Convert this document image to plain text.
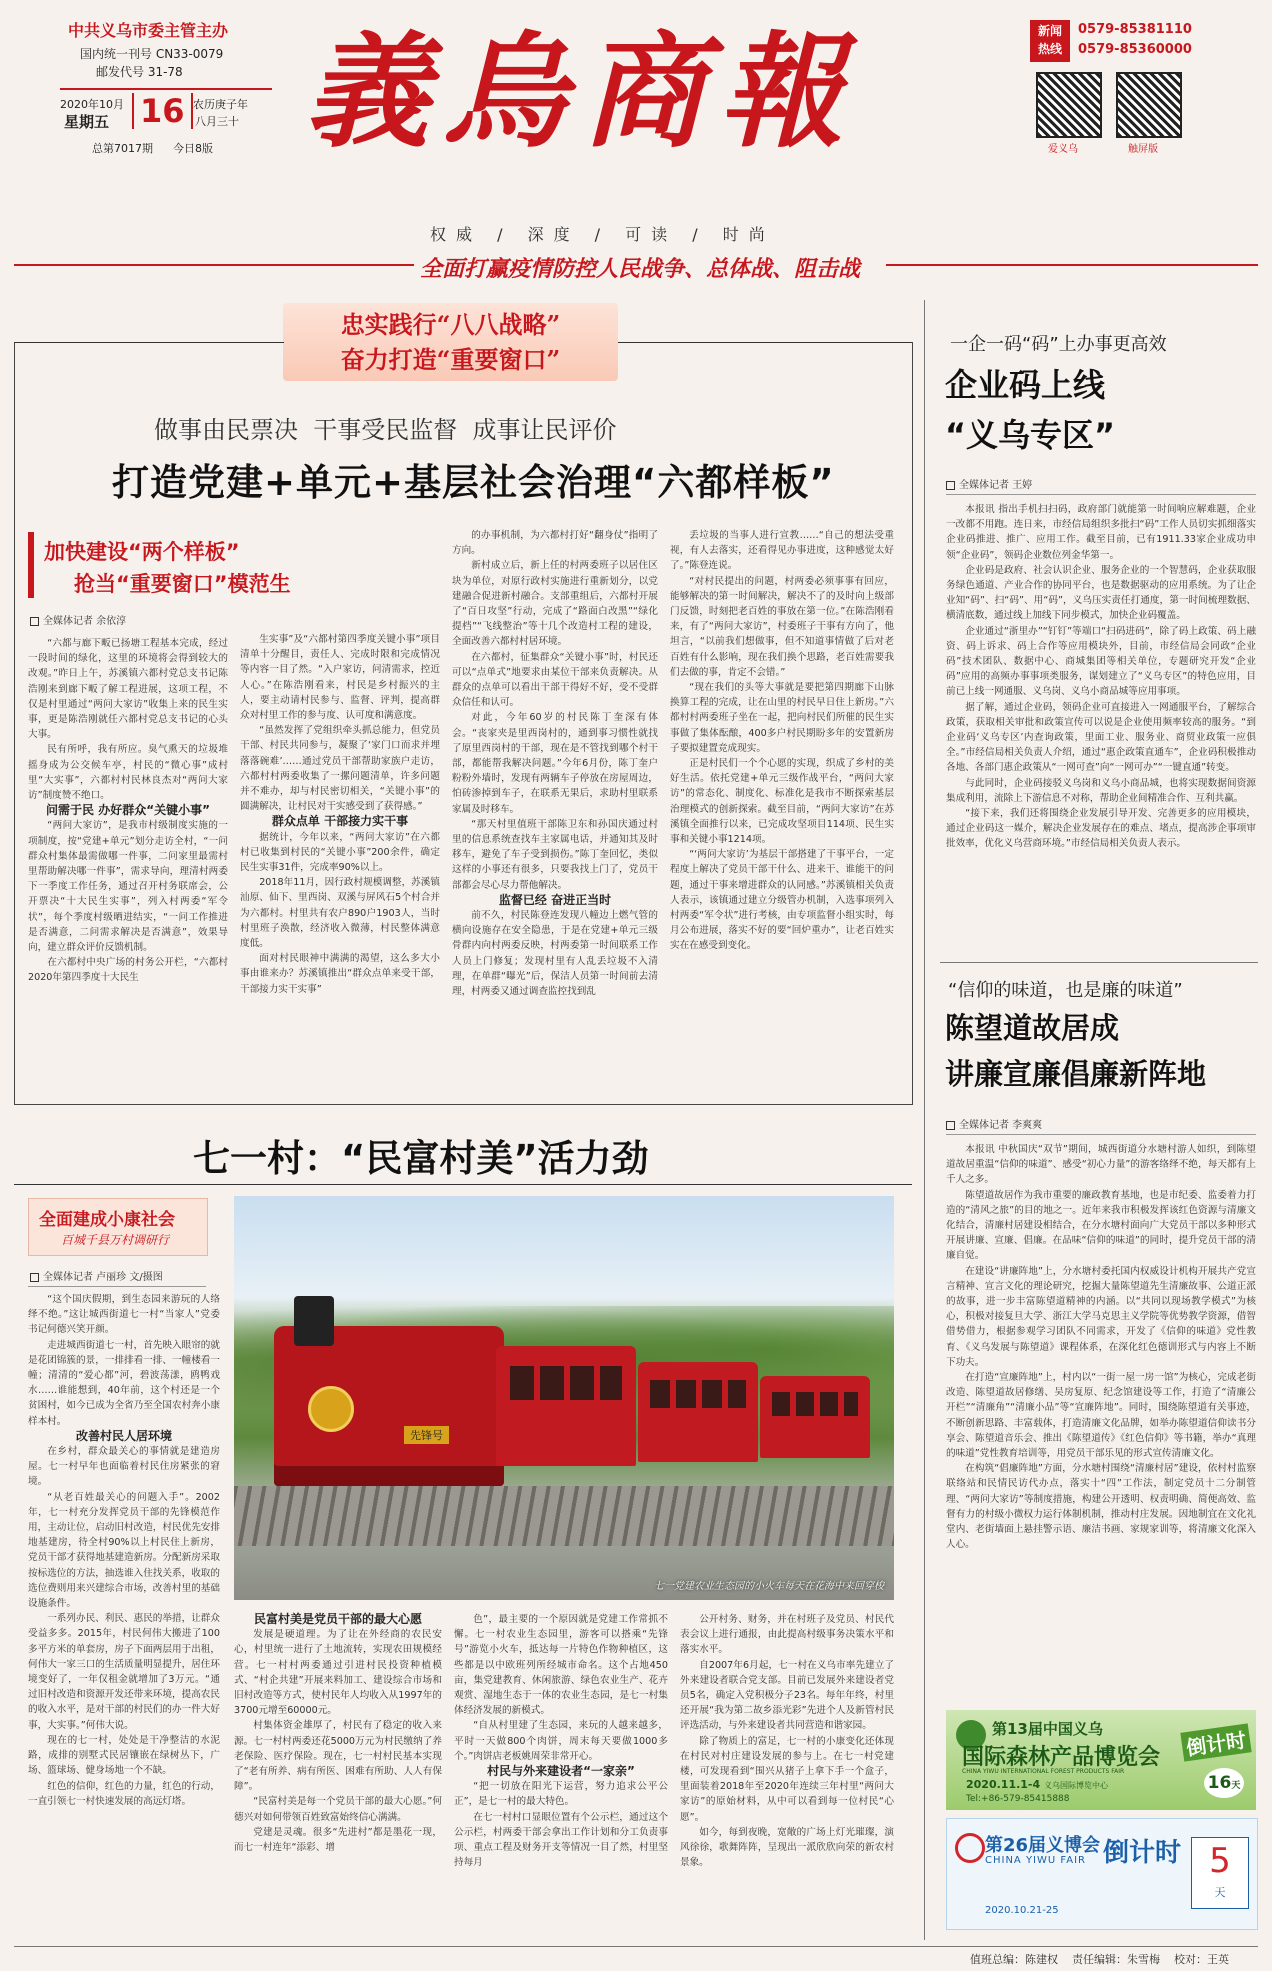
中共义乌市委主管主办
国内统一刊号 CN33-0079
邮发代号 31-78
2020年10月
星期五 16 农历庚子年
八月三十
总第7017期 今日8版 義烏商報	新闻
热线
0579-85381110
0579-85360000
爱义乌	触屏版
权威 / 深度 / 可读 / 时尚
全面打赢疫情防控人民战争、总体战、阻击战
忠实践行“八八战略”
奋力打造“重要窗口”
做事由民票决  干事受民监督  成事让民评价
打造党建+单元+基层社会治理“六都样板”
加快建设“两个样板”
抢当“重要窗口”模范生
全媒体记者 余依淳

“六都与廊下畈已扬塘工程基本完成，经过一段时间的绿化，这里的环境将会得到较大的改观。”昨日上午，苏溪镇六都村党总支书记陈浩刚来到廊下畈了解工程进展，这项工程，不仅是村里通过“两问大家访”收集上来的民生实事，更是陈浩刚就任六都村党总支书记的心头大事。

民有所呼，我有所应。臭气熏天的垃圾堆摇身成为公交候车亭，村民的“微心事”成村里“大实事”，六都村村民林良杰对“两问大家访”制度赞不绝口。

问需于民 办好群众“关键小事”

“两问大家访”，是我市村级制度实施的一项制度，按“党建+单元”划分走访全村，“一问群众村集体最需做哪一件事，二问家里最需村里帮助解决哪一件事”，需求导向，理清村两委下一季度工作任务，通过召开村务联席会，公开票决“十大民生实事”，列入村两委“军令状”，每个季度村级晒进结实，“一问工作推进是否满意，二问需求解决是否满意”，效果导向，建立群众评价反馈机制。

在六都村中央广场的村务公开栏，“六都村2020年第四季度十大民生

生实事”及“六都村第四季度关键小事”项目清单十分醒目，责任人、完成时限和完成情况等内容一目了然。“入户家访，问清需求，控近人心。”在陈浩刚看来，村民是乡村振兴的主人，要主动请村民参与、监督、评判，提高群众对村里工作的参与度、认可度和满意度。

“虽然发挥了党组织牵头抓总能力，但党员干部、村民共同参与，凝聚了‘家门口而求并埋落落碗难’……通过党员干部帮助家族户走访，六都村村两委收集了一摞问题清单，许多问题并不难办，却与村民密切相关，“关键小事”的圆满解决，让村民对干实感受到了获得感。”

群众点单 干部接力实干事

据统计，今年以来，“两问大家访”在六都村已收集到村民的“关键小事”200余件，确定民生实事31件，完成率90%以上。

2018年11月，因行政村规模调整，苏溪镇汕原、仙下、里西岗、双溪与屏风石5个村合并为六都村。村里共有农户890户1903人，当时村里班子涣散，经济收入微薄，村民整体满意度低。

面对村民眼神中满满的渴望，这么多大小事由谁来办？苏溪镇推出“群众点单来受干部，干部接力实干实事”

的办事机制，为六都村打好“翻身仗”指明了方向。

新村成立后，新上任的村两委班子以居住区块为单位，对原行政村实施进行重新划分，以党建融合促进新村融合。支部重组后，六都村开展了“百日攻坚”行动，完成了“路面白改黑”“绿化提档”“飞线整治”等十几个改造村工程的建设，全面改善六都村村居环境。

在六都村，征集群众“关键小事”时，村民还可以“点单式”地要求由某位干部来负责解决。从群众的点单可以看出干部干得好不好，受不受群众信任和认可。

对此，今年60岁的村民陈丁奎深有体会。“丧家夹是里西岗村的，通到事习惯性就找了原里西岗村的干部，现在是不管找到哪个村干部，都能帮我解决问题。”今年6月份，陈丁奎户粉粉外墙时，发现有两辆车子停放在房屋周边，怕砖渗掉到车子，在联系无果后，求助村里联系家属及时移车。

“那天村里值班干部陈卫东和孙国庆通过村里的信息系统查找车主家属电话，并通知其及时移车，避免了车子受到损伤。”陈丁奎回忆，类似这样的小事还有很多，只要我找上门了，党员干部都会尽心尽力帮他解决。

监督已经 奋进正当时

前不久，村民陈登连发现八幢边上燃气管的横向设施存在安全隐患，于是在党建+单元三级骨群内向村两委反映，村两委第一时间联系工作人员上门修复；发现村里有人乱丢垃圾不入清理，在单群“曝光”后，保洁人员第一时间前去清理，村两委又通过调查监控找到乱

丢垃圾的当事人进行宣教……“自己的想法受重视，有人去落实，还看得见办事进度，这种感觉太好了。”陈登连说。

“对村民提出的问题，村两委必须事事有回应，能够解决的第一时间解决，解决不了的及时向上级部门反馈，时刻把老百姓的事放在第一位。”在陈浩刚看来，有了“两问大家访”，村委班子干事有方向了，他坦言，“以前我们想做事，但不知道事情做了后对老百姓有什么影响，现在我们换个思路，老百姓需要我们去做的事，肯定不会错。”

“现在我们的头等大事就是要把第四期廊下山脉换算工程的完成，让在山里的村民早日住上新房。”六都村村两委班子坐在一起，把向村民们所催的民生实事做了集体酝酿，400多户村民期盼多年的安置新房子要拟建置竞成现实。

正是村民们一个个心愿的实现，织成了乡村的美好生活。依托党建+单元三级作战平台，“两问大家访”的常态化、制度化、标准化是我市不断探索基层治理模式的创新探索。截至目前，“两问大家访”在苏溪镇全面推行以来，已完成攻坚项目114项、民生实事和关键小事1214项。

“‘两问大家访’为基层干部搭建了干事平台，一定程度上解决了党员干部干什么、进来干、谁能干的问题，通过干事来增进群众的认同感。”苏溪镇相关负责人表示，该镇通过建立分级管办机制，入选事项列入村两委“军令状”进行考核，由专项监督小组实时，每月公布进展，落实不好的要“回炉重办”，让老百姓实实在在感受到变化。

七一村：“民富村美”活力劲
全面建成小康社会
百城千县万村调研行
全媒体记者 卢丽珍 文/摄图

“这个国庆假期，到生态园来游玩的人络绎不绝。”这让城西街道七一村“当家人”党委书记何德兴笑开颜。

走进城西街道七一村，首先映入眼帘的就是花团锦簇的景，一排排看一排、一幢楼看一幢；清清的“爱心都”河，碧波荡漾，鸥鸭戏水……谁能想到，40年前，这个村还是一个贫困村，如今已成为全省乃至全国农村奔小康样本村。

改善村民人居环境

在乡村，群众最关心的事情就是建造房屋。七一村早年也面临着村民住房紧张的窘境。

“从老百姓最关心的问题入手”。2002年，七一村充分发挥党员干部的先锋模范作用，主动让位，启动旧村改造，村民优先安排地基建房，待全村90%以上村民住上新房，党员干部才获得地基建造新房。分配新房采取按标选位的方法，抽选谁入住找关系，收取的选位费则用来兴建综合市场，改善村里的基础设施条件。

一系列办民、利民、惠民的举措，让群众受益多多。2015年，村民何伟大搬进了100多平方米的单套房，房子下面两层用于出租，何伟大一家三口的生活质量明显提升，居住环境变好了，一年仅租金就增加了3万元。“通过旧村改造和资源开发还带来环境，提高农民的收入水平，是对干部的村民们的办一件大好事，大实事。”何伟大说。

现在的七一村，处处是干净整洁的水泥路，成排的别墅式民居镶嵌在绿树丛下，广场、篮球场、健身场地一个不缺。

红色的信仰，红色的力量，红色的行动，一直引领七一村快速发展的高远灯塔。

先锋号
七一党建农业生态园的小火车每天在花海中来回穿梭

民富村美是党员干部的最大心愿

发展是硬道理。为了让在外经商的农民安心，村里统一进行了土地流转，实现农田规模经营。七一村村两委通过引进村民投资种植模式、“村企共建”开展来料加工、建设综合市场和旧村改造等方式，使村民年人均收入从1997年的3700元增至60000元。

村集体资金雄厚了，村民有了稳定的收入来源。七一村村两委还花5000万元为村民缴纳了养老保险、医疗保险。现在，七一村村民基本实现了“老有所养、病有所医、困难有所助、人人有保障”。

“民富村美是每一个党员干部的最大心愿。”何德兴对如何带领百姓致富始终信心满满。

党建是灵魂。很多“先进村”都是墨花一现，而七一村连年“添彩、增

色”，最主要的一个原因就是党建工作常抓不懈。七一村农业生态园里，游客可以搭乘“先锋号”游览小火车，抵达每一片特色作物种植区，这些都是以中欧班列所经城市命名。这个占地450亩，集党建教育、休闲旅游、绿色农业生产、花卉观赏、湿地生态于一体的农业生态园，是七一村集体经济发展的新模式。

“自从村里建了生态园，来玩的人越来越多，平时一天做800个肉饼，周末每天要做1000多个。”肉饼店老板姚周荣非常开心。

村民与外来建设者“一家亲”

“把一切放在阳光下运营，努力追求公平公正”，是七一村的最大特色。

在七一村村口显眼位置有个公示栏，通过这个公示栏，村两委干部会拿出工作计划和分工负责事项、重点工程及财务开支等情况一目了然，村里坚持每月

公开村务、财务，并在村班子及党员、村民代表会议上进行通报，由此提高村级事务决策水平和落实水平。

自2007年6月起，七一村在义乌市率先建立了外来建设者联合党支部。目前已发展外来建设者党员5名，确定入党积极分子23名。每年年终，村里还开展“我为第二故乡添光彩”先进个人及新管村民评选活动，与外来建设者共同营造和谐家园。

除了物质上的富足，七一村的小康变化还体现在村民对村庄建设发展的参与上。在七一村党建楼，可发现看到“围兴从猪子上拿下手一个盒子，里面装着2018年至2020年连续三年村里“两问大家访”的原始材料，从中可以看到每一位村民“心愿”。

如今，每到夜晚，宽敞的广场上灯光璀璨，演风徐徐，歌舞阵阵，呈现出一派欣欣向荣的新农村景象。

一企一码“码”上办事更高效
企业码上线
“义乌专区”
全媒体记者 王婷

本报讯 指出手机扫扫码，政府部门就能第一时间响应解难题，企业一改都不用跑。连日来，市经信局组织多批扫“码”工作人员切实抓细落实企业码推进、推广、应用工作。截至目前，已有1911.33家企业成功申领“企业码”，领码企业数位列金华第一。

企业码是政府、社会认识企业、服务企业的一个智慧码，企业获取服务绿色通道、产业合作的协同平台，也是数据驱动的应用系统。为了让企业知“码”、扫“码”、用“码”，义乌压实责任打通度，第一时间梳理数据、横清底数，通过线上加线下同步模式，加快企业码覆盖。

企业通过“浙里办”“钉钉”等端口“扫码进码”，除了码上政策、码上融资、码上诉求、码上合作等应用模块外，目前，市经信局会同政“企业码”技术团队、数据中心、商城集团等相关单位，专题研究开发“企业码”应用的高频办事事项类服务，谋划建立了“义乌专区”的特色应用，目前已上线一网通服、义乌岗、义乌小商品城等应用事项。

据了解，通过企业码，领码企业可直接进入一网通服平台，了解综合政策，获取相关审批和政策宣传可以说是企业使用频率较高的服务。“到企业码‘义乌专区’内查询政策，里面工业、服务业、商贸业政策一应俱全。”市经信局相关负责人介绍，通过“惠企政策直通车”，企业码积极推动各地、各部门惠企政策从“一网可查”向“一网可办”“一键直通”转变。

与此同时，企业码接驳义乌岗和义乌小商品城，也将实现数据间资源集成利用，流除上下游信息不对称，帮助企业间精准合作、互利共赢。

“接下来，我们还将围绕企业发展引导开发、完善更多的应用模块，通过企业码这一媒介，解决企业发展存在的难点、堵点，提高涉企事项审批效率，优化义乌营商环境。”市经信局相关负责人表示。

“信仰的味道，也是廉的味道”
陈望道故居成
讲廉宣廉倡廉新阵地
全媒体记者 李爽爽

本报讯 中秋国庆“双节”期间，城西街道分水塘村游人如织，到陈望道故居重温“信仰的味道”、感受“初心力量”的游客络绎不绝，每天都有上千人之多。

陈望道故居作为我市重要的廉政教育基地，也是市纪委、监委着力打造的“清风之旅”的目的地之一。近年来我市积极发挥该红色资源与清廉文化结合，清廉村居建设相结合，在分水塘村面向广大党员干部以多种形式开展讲廉、宣廉、倡廉。在品味“信仰的味道”的同时，提升党员干部的清廉自觉。

在建设“讲廉阵地”上，分水塘村委托国内权威设计机构开展共产党宣言精神、宣言文化的理论研究，挖掘大量陈望道先生清廉故事、公道正派的故事，进一步丰富陈望道精神的内涵。以“共同以现场教学模式”为核心，积极对接复旦大学、浙江大学马克思主义学院等优势教学资源，借智借势借力，根据参观学习团队不同需求，开发了《信仰的味道》党性教育、《义乌发展与陈望道》课程体系，在深化红色德训形式与内容上不断下功夫。

在打造“宣廉阵地”上，村内以“一街一屋一房一馆”为核心，完成老街改造、陈望道故居修缮、吴房复原、纪念馆建设等工作，打造了“清廉公开栏”“清廉角”“清廉小品”等“宣廉阵地”。同时，围绕陈望道有关事迹，不断创新思路、丰富载体，打造清廉文化品牌，如举办陈望道信仰读书分享会、陈望道音乐会、推出《陈望道传》《红色信仰》等书籍，举办“真理的味道”党性教育培训等，用党员干部乐见的形式宣传清廉文化。

在构筑“倡廉阵地”方面，分水塘村围绕“清廉村居”建设，依村村监察联络站和民情民访代办点，落实十“四”工作法，制定党员十二分制管理、“两问大家访”等制度措施，构建公开透明、权责明确、简便高效、监督有力的村级小微权力运行体制机制，推动村庄发展。因地制宜在文化礼堂内、老街墙面上悬挂警示语、廉洁书画、家规家训等，将清廉文化深入人心。

第13届中国义乌
国际森林产品博览会
CHINA YIWU INTERNATIONAL FOREST PRODUCTS FAIR
2020.11.1-4 义乌国际博览中心
Tel:+86-579-85415888
倒计时
16天
第26届义博会
CHINA YIWU FAIR
2020.10.21-25
倒计时 5
天
值班总编：陈建权    责任编辑：朱雪梅    校对：王英
